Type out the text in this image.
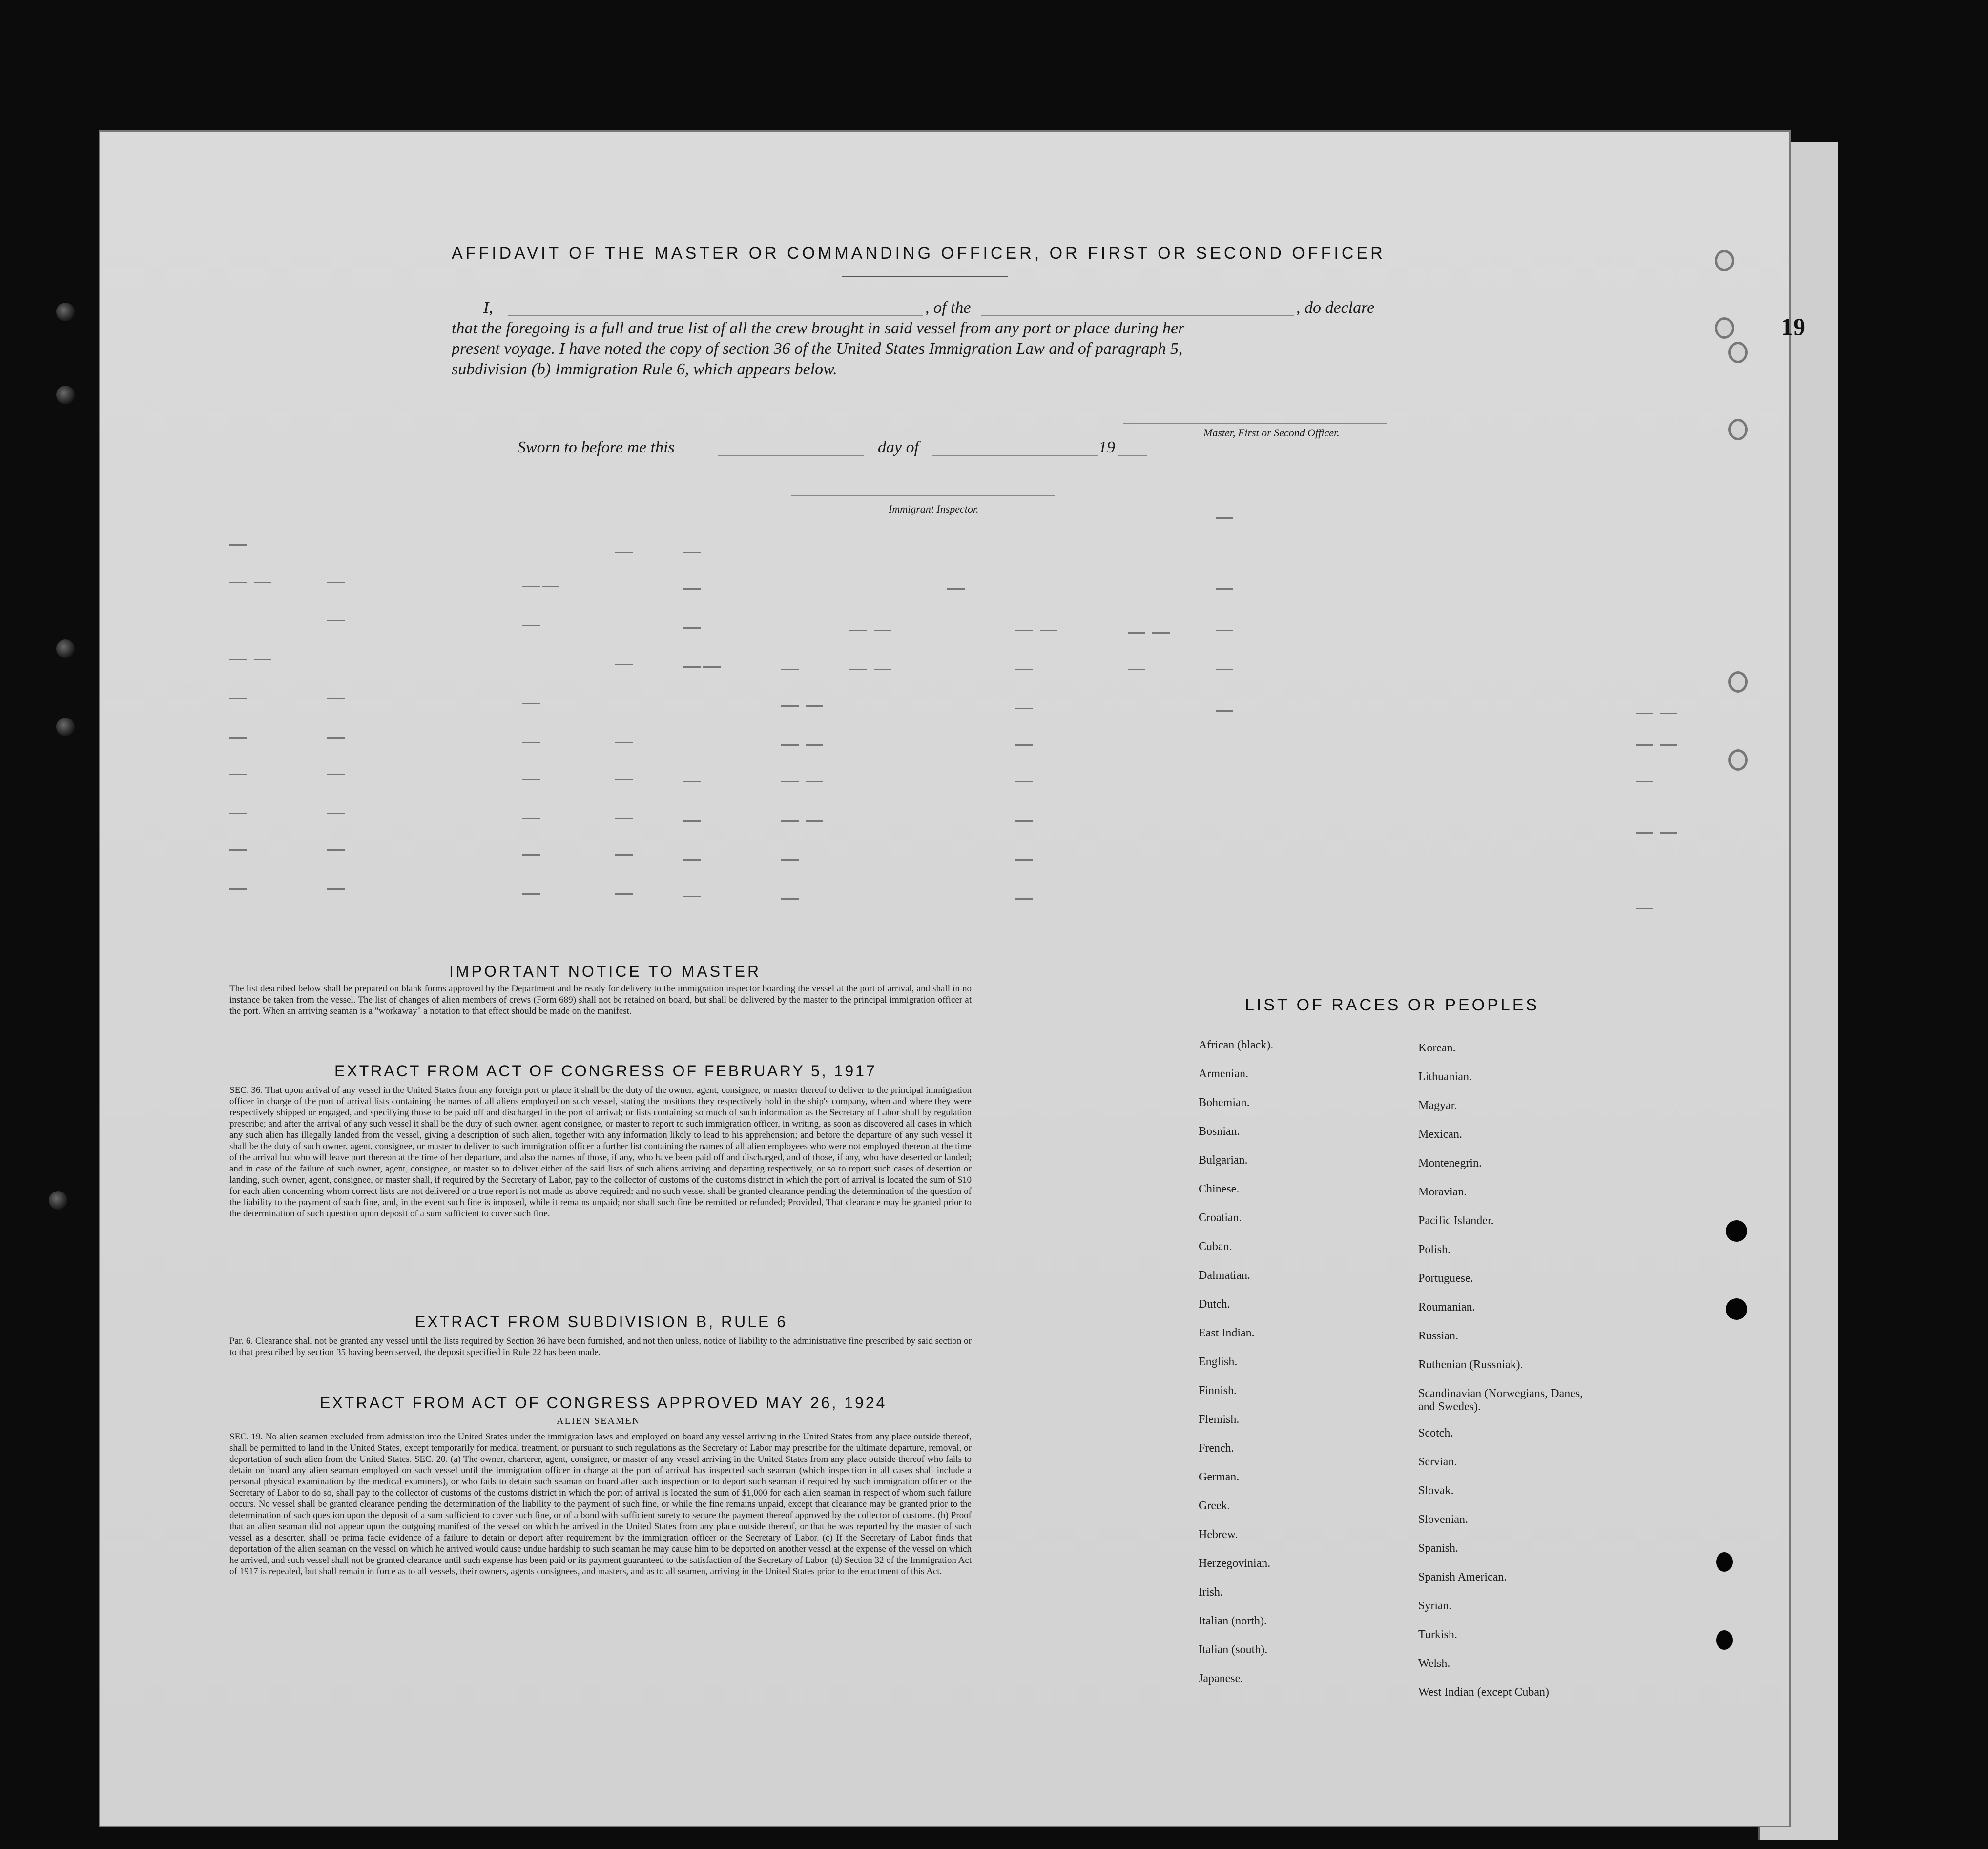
19
AFFIDAVIT OF THE MASTER OR COMMANDING OFFICER, OR FIRST OR SECOND OFFICER
I,	, of the	, do declare
that the foregoing is a full and true list of all the crew brought in said vessel from any port or place during her
present voyage. I have noted the copy of section 36 of the United States Immigration Law and of paragraph 5,
subdivision (b) Immigration Rule 6, which appears below.
Master, First or Second Officer.
Sworn to before me this	day of	19
Immigrant Inspector.
IMPORTANT NOTICE TO MASTER
The list described below shall be prepared on blank forms approved by the Department and be ready for delivery to the immigration inspector boarding the vessel at the port of arrival, and shall in no instance be taken from the vessel. The list of changes of alien members of crews (Form 689) shall not be retained on board, but shall be delivered by the master to the principal immigration officer at the port. When an arriving seaman is a "workaway" a notation to that effect should be made on the manifest.
EXTRACT FROM ACT OF CONGRESS OF FEBRUARY 5, 1917
SEC. 36. That upon arrival of any vessel in the United States from any foreign port or place it shall be the duty of the owner, agent, consignee, or master thereof to deliver to the principal immigration officer in charge of the port of arrival lists containing the names of all aliens employed on such vessel, stating the positions they respectively hold in the ship's company, when and where they were respectively shipped or engaged, and specifying those to be paid off and discharged in the port of arrival; or lists containing so much of such information as the Secretary of Labor shall by regulation prescribe; and after the arrival of any such vessel it shall be the duty of such owner, agent consignee, or master to report to such immigration officer, in writing, as soon as discovered all cases in which any such alien has illegally landed from the vessel, giving a description of such alien, together with any information likely to lead to his apprehension; and before the departure of any such vessel it shall be the duty of such owner, agent, consignee, or master to deliver to such immigration officer a further list containing the names of all alien employees who were not employed thereon at the time of the arrival but who will leave port thereon at the time of her departure, and also the names of those, if any, who have been paid off and discharged, and of those, if any, who have deserted or landed; and in case of the failure of such owner, agent, consignee, or master so to deliver either of the said lists of such aliens arriving and departing respectively, or so to report such cases of desertion or landing, such owner, agent, consignee, or master shall, if required by the Secretary of Labor, pay to the collector of customs of the customs district in which the port of arrival is located the sum of $10 for each alien concerning whom correct lists are not delivered or a true report is not made as above required; and no such vessel shall be granted clearance pending the determination of the question of the liability to the payment of such fine, and, in the event such fine is imposed, while it remains unpaid; nor shall such fine be remitted or refunded; Provided, That clearance may be granted prior to the determination of such question upon deposit of a sum sufficient to cover such fine.
EXTRACT FROM SUBDIVISION B, RULE 6
Par. 6. Clearance shall not be granted any vessel until the lists required by Section 36 have been furnished, and not then unless, notice of liability to the administrative fine prescribed by said section or to that prescribed by section 35 having been served, the deposit specified in Rule 22 has been made.
EXTRACT FROM ACT OF CONGRESS APPROVED MAY 26, 1924
ALIEN SEAMEN
SEC. 19. No alien seamen excluded from admission into the United States under the immigration laws and employed on board any vessel arriving in the United States from any place outside thereof, shall be permitted to land in the United States, except temporarily for medical treatment, or pursuant to such regulations as the Secretary of Labor may prescribe for the ultimate departure, removal, or deportation of such alien from the United States. SEC. 20. (a) The owner, charterer, agent, consignee, or master of any vessel arriving in the United States from any place outside thereof who fails to detain on board any alien seaman employed on such vessel until the immigration officer in charge at the port of arrival has inspected such seaman (which inspection in all cases shall include a personal physical examination by the medical examiners), or who fails to detain such seaman on board after such inspection or to deport such seaman if required by such immigration officer or the Secretary of Labor to do so, shall pay to the collector of customs of the customs district in which the port of arrival is located the sum of $1,000 for each alien seaman in respect of whom such failure occurs. No vessel shall be granted clearance pending the determination of the liability to the payment of such fine, or while the fine remains unpaid, except that clearance may be granted prior to the determination of such question upon the deposit of a sum sufficient to cover such fine, or of a bond with sufficient surety to secure the payment thereof approved by the collector of customs. (b) Proof that an alien seaman did not appear upon the outgoing manifest of the vessel on which he arrived in the United States from any place outside thereof, or that he was reported by the master of such vessel as a deserter, shall be prima facie evidence of a failure to detain or deport after requirement by the immigration officer or the Secretary of Labor. (c) If the Secretary of Labor finds that deportation of the alien seaman on the vessel on which he arrived would cause undue hardship to such seaman he may cause him to be deported on another vessel at the expense of the vessel on which he arrived, and such vessel shall not be granted clearance until such expense has been paid or its payment guaranteed to the satisfaction of the Secretary of Labor. (d) Section 32 of the Immigration Act of 1917 is repealed, but shall remain in force as to all vessels, their owners, agents consignees, and masters, and as to all seamen, arriving in the United States prior to the enactment of this Act.
LIST OF RACES OR PEOPLES
African (black).
Armenian.
Bohemian.
Bosnian.
Bulgarian.
Chinese.
Croatian.
Cuban.
Dalmatian.
Dutch.
East Indian.
English.
Finnish.
Flemish.
French.
German.
Greek.
Hebrew.
Herzegovinian.
Irish.
Italian (north).
Italian (south).
Japanese.
Korean.
Lithuanian.
Magyar.
Mexican.
Montenegrin.
Moravian.
Pacific Islander.
Polish.
Portuguese.
Roumanian.
Russian.
Ruthenian (Russniak).
Scandinavian (Norwegians, Danes, and Swedes).
Scotch.
Servian.
Slovak.
Slovenian.
Spanish.
Spanish American.
Syrian.
Turkish.
Welsh.
West Indian (except Cuban)
